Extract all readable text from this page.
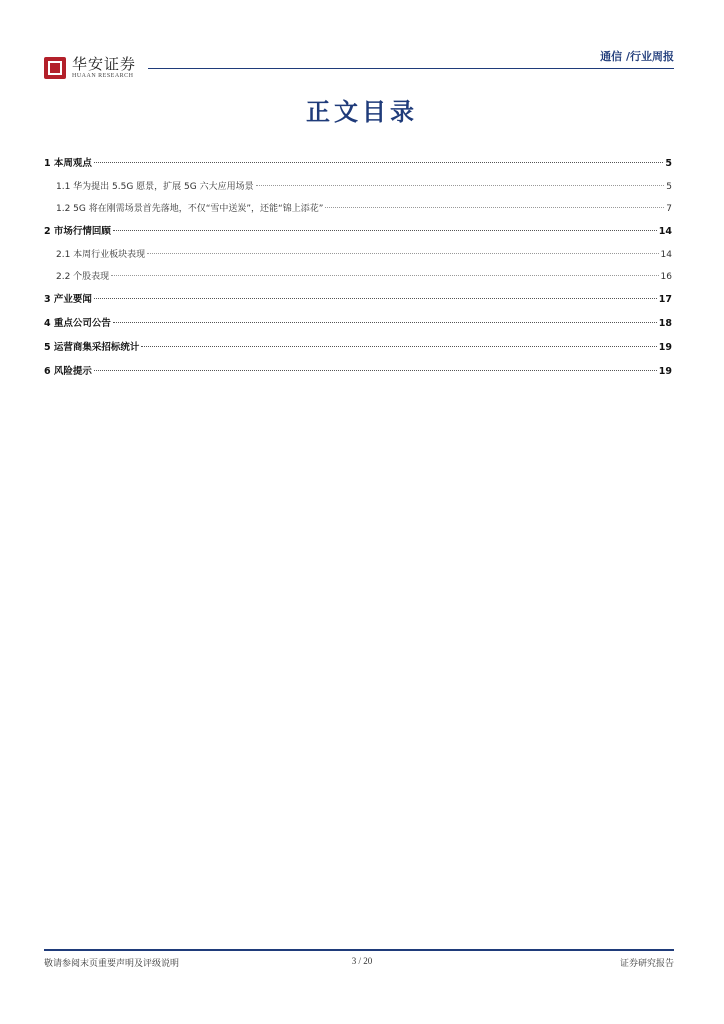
华安证券
HUAAN RESEARCH
通信 /行业周报
正文目录
1 本周观点	5
1.1 华为提出 5.5G 愿景，扩展 5G 六大应用场景	5
1.2 5G 将在刚需场景首先落地，不仅“雪中送炭”，还能“锦上添花”	7
2 市场行情回顾	14
2.1 本周行业板块表现	14
2.2 个股表现	16
3 产业要闻	17
4 重点公司公告	18
5 运营商集采招标统计	19
6 风险提示	19
敬请参阅末页重要声明及评级说明	3 / 20	证券研究报告
